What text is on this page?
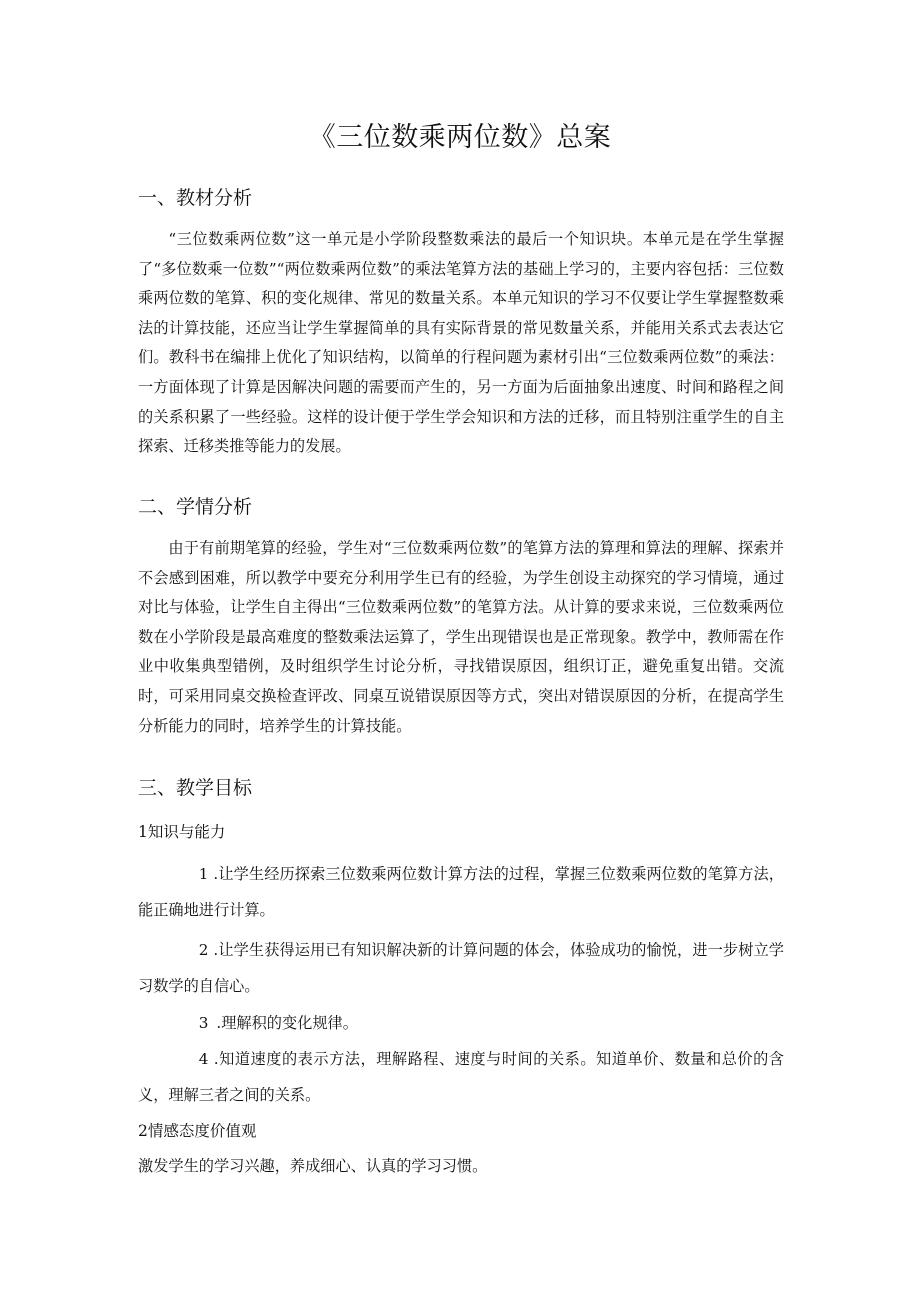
《三位数乘两位数》总案
一、教材分析

“三位数乘两位数”这一单元是小学阶段整数乘法的最后一个知识块。本单元是在学生掌握了“多位数乘一位数”“两位数乘两位数”的乘法笔算方法的基础上学习的，主要内容包括：三位数乘两位数的笔算、积的变化规律、常见的数量关系。本单元知识的学习不仅要让学生掌握整数乘法的计算技能，还应当让学生掌握简单的具有实际背景的常见数量关系，并能用关系式去表达它们。教科书在编排上优化了知识结构，以简单的行程问题为素材引出“三位数乘两位数”的乘法：一方面体现了计算是因解决问题的需要而产生的，另一方面为后面抽象出速度、时间和路程之间的关系积累了一些经验。这样的设计便于学生学会知识和方法的迁移，而且特别注重学生的自主探索、迁移类推等能力的发展。

二、学情分析

由于有前期笔算的经验，学生对“三位数乘两位数”的笔算方法的算理和算法的理解、探索并不会感到困难，所以教学中要充分利用学生已有的经验，为学生创设主动探究的学习情境，通过对比与体验，让学生自主得出“三位数乘两位数”的笔算方法。从计算的要求来说，三位数乘两位数在小学阶段是最高难度的整数乘法运算了，学生出现错误也是正常现象。教学中，教师需在作业中收集典型错例，及时组织学生讨论分析，寻找错误原因，组织订正，避免重复出错。交流时，可采用同桌交换检查评改、同桌互说错误原因等方式，突出对错误原因的分析，在提高学生分析能力的同时，培养学生的计算技能。

三、教学目标
1知识与能力

1 .让学生经历探索三位数乘两位数计算方法的过程，掌握三位数乘两位数的笔算方法，能正确地进行计算。

2 .让学生获得运用已有知识解决新的计算问题的体会，体验成功的愉悦，进一步树立学习数学的自信心。

3 .理解积的变化规律。

4 .知道速度的表示方法，理解路程、速度与时间的关系。知道单价、数量和总价的含义，理解三者之间的关系。

2情感态度价值观
激发学生的学习兴趣，养成细心、认真的学习习惯。
